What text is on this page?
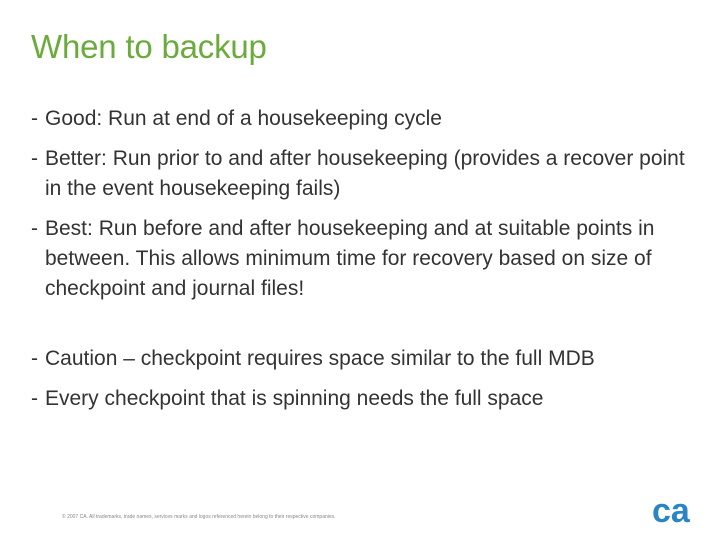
When to backup
- Good: Run at end of a housekeeping cycle
- Better: Run prior to and after housekeeping (provides a recover point in the event housekeeping fails)
- Best: Run before and after housekeeping and at suitable points in between. This allows minimum time for recovery based on size of checkpoint and journal files!
- Caution – checkpoint requires space similar to the full MDB
- Every checkpoint that is spinning needs the full space
© 2007 CA. All trademarks, trade names, services marks and logos referenced herein belong to their respective companies.	ca
